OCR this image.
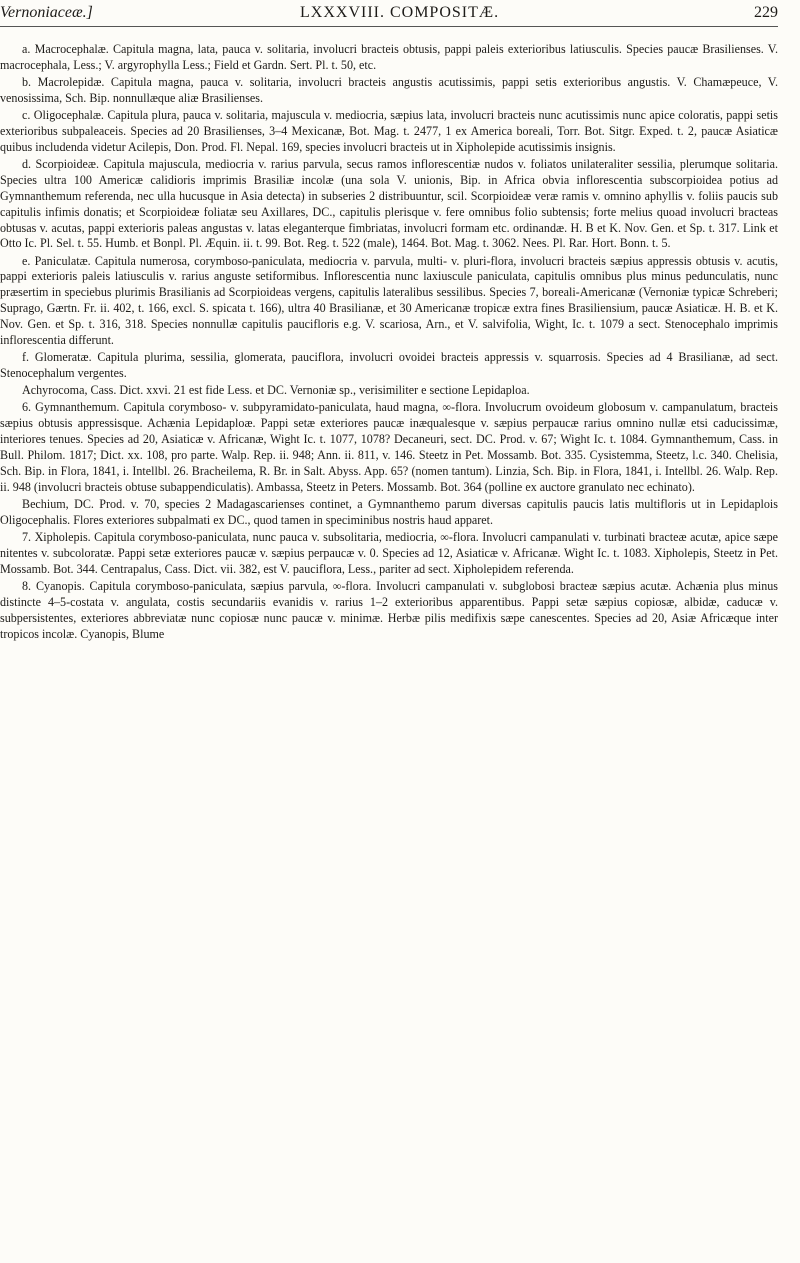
Vernoniaceæ.]	LXXXVIII. COMPOSITÆ.	229

a. Macrocephalæ. Capitula magna, lata, pauca v. solitaria, involucri bracteis obtusis, pappi paleis exterioribus latiusculis. Species paucæ Brasilienses. V. macrocephala, Less.; V. argyrophylla Less.; Field et Gardn. Sert. Pl. t. 50, etc.

b. Macrolepidæ. Capitula magna, pauca v. solitaria, involucri bracteis angustis acutissimis, pappi setis exterioribus angustis. V. Chamæpeuce, V. venosissima, Sch. Bip. nonnullæque aliæ Brasilienses.

c. Oligocephalæ. Capitula plura, pauca v. solitaria, majuscula v. mediocria, sæpius lata, involucri bracteis nunc acutissimis nunc apice coloratis, pappi setis exterioribus subpaleaceis. Species ad 20 Brasilienses, 3–4 Mexicanæ, Bot. Mag. t. 2477, 1 ex America boreali, Torr. Bot. Sitgr. Exped. t. 2, paucæ Asiaticæ quibus includenda videtur Acilepis, Don. Prod. Fl. Nepal. 169, species involucri bracteis ut in Xipholepide acutissimis insignis.

d. Scorpioideæ. Capitula majuscula, mediocria v. rarius parvula, secus ramos inflorescentiæ nudos v. foliatos unilateraliter sessilia, plerumque solitaria. Species ultra 100 Americæ calidioris imprimis Brasiliæ incolæ (una sola V. unionis, Bip. in Africa obvia inflorescentia subscorpioidea potius ad Gymnanthemum referenda, nec ulla hucusque in Asia detecta) in subseries 2 distribuuntur, scil. Scorpioideæ veræ ramis v. omnino aphyllis v. foliis paucis sub capitulis infimis donatis; et Scorpioideæ foliatæ seu Axillares, DC., capitulis plerisque v. fere omnibus folio subtensis; forte melius quoad involucri bracteas obtusas v. acutas, pappi exterioris paleas angustas v. latas eleganterque fimbriatas, involucri formam etc. ordinandæ. H. B et K. Nov. Gen. et Sp. t. 317. Link et Otto Ic. Pl. Sel. t. 55. Humb. et Bonpl. Pl. Æquin. ii. t. 99. Bot. Reg. t. 522 (male), 1464. Bot. Mag. t. 3062. Nees. Pl. Rar. Hort. Bonn. t. 5.

e. Paniculatæ. Capitula numerosa, corymboso-paniculata, mediocria v. parvula, multi- v. pluri-flora, involucri bracteis sæpius appressis obtusis v. acutis, pappi exterioris paleis latiusculis v. rarius anguste setiformibus. Inflorescentia nunc laxiuscule paniculata, capitulis omnibus plus minus pedunculatis, nunc præsertim in speciebus plurimis Brasilianis ad Scorpioideas vergens, capitulis lateralibus sessilibus. Species 7, boreali-Americanæ (Vernoniæ typicæ Schreberi; Suprago, Gærtn. Fr. ii. 402, t. 166, excl. S. spicata t. 166), ultra 40 Brasilianæ, et 30 Americanæ tropicæ extra fines Brasiliensium, paucæ Asiaticæ. H. B. et K. Nov. Gen. et Sp. t. 316, 318. Species nonnullæ capitulis paucifloris e.g. V. scariosa, Arn., et V. salvifolia, Wight, Ic. t. 1079 a sect. Stenocephalo imprimis inflorescentia differunt.

f. Glomeratæ. Capitula plurima, sessilia, glomerata, pauciflora, involucri ovoidei bracteis appressis v. squarrosis. Species ad 4 Brasilianæ, ad sect. Stenocephalum vergentes.

Achyrocoma, Cass. Dict. xxvi. 21 est fide Less. et DC. Vernoniæ sp., verisimiliter e sectione Lepidaploa.

6. Gymnanthemum. Capitula corymboso- v. subpyramidato-paniculata, haud magna, ∞-flora. Involucrum ovoideum globosum v. campanulatum, bracteis sæpius obtusis appressisque. Achænia Lepidaploæ. Pappi setæ exteriores paucæ inæqualesque v. sæpius perpaucæ rarius omnino nullæ etsi caducissimæ, interiores tenues. Species ad 20, Asiaticæ v. Africanæ, Wight Ic. t. 1077, 1078? Decaneuri, sect. DC. Prod. v. 67; Wight Ic. t. 1084. Gymnanthemum, Cass. in Bull. Philom. 1817; Dict. xx. 108, pro parte. Walp. Rep. ii. 948; Ann. ii. 811, v. 146. Steetz in Pet. Mossamb. Bot. 335. Cysistemma, Steetz, l.c. 340. Chelisia, Sch. Bip. in Flora, 1841, i. Intellbl. 26. Bracheilema, R. Br. in Salt. Abyss. App. 65? (nomen tantum). Linzia, Sch. Bip. in Flora, 1841, i. Intellbl. 26. Walp. Rep. ii. 948 (involucri bracteis obtuse subappendiculatis). Ambassa, Steetz in Peters. Mossamb. Bot. 364 (polline ex auctore granulato nec echinato).

Bechium, DC. Prod. v. 70, species 2 Madagascarienses continet, a Gymnanthemo parum diversas capitulis paucis latis multifloris ut in Lepidaplois Oligocephalis. Flores exteriores subpalmati ex DC., quod tamen in speciminibus nostris haud apparet.

7. Xipholepis. Capitula corymboso-paniculata, nunc pauca v. subsolitaria, mediocria, ∞-flora. Involucri campanulati v. turbinati bracteæ acutæ, apice sæpe nitentes v. subcoloratæ. Pappi setæ exteriores paucæ v. sæpius perpaucæ v. 0. Species ad 12, Asiaticæ v. Africanæ. Wight Ic. t. 1083. Xipholepis, Steetz in Pet. Mossamb. Bot. 344. Centrapalus, Cass. Dict. vii. 382, est V. pauciflora, Less., pariter ad sect. Xipholepidem referenda.

8. Cyanopis. Capitula corymboso-paniculata, sæpius parvula, ∞-flora. Involucri campanulati v. subglobosi bracteæ sæpius acutæ. Achænia plus minus distincte 4–5-costata v. angulata, costis secundariis evanidis v. rarius 1–2 exterioribus apparentibus. Pappi setæ sæpius copiosæ, albidæ, caducæ v. subpersistentes, exteriores abbreviatæ nunc copiosæ nunc paucæ v. minimæ. Herbæ pilis medifixis sæpe canescentes. Species ad 20, Asiæ Africæque inter tropicos incolæ. Cyanopis, Blume
